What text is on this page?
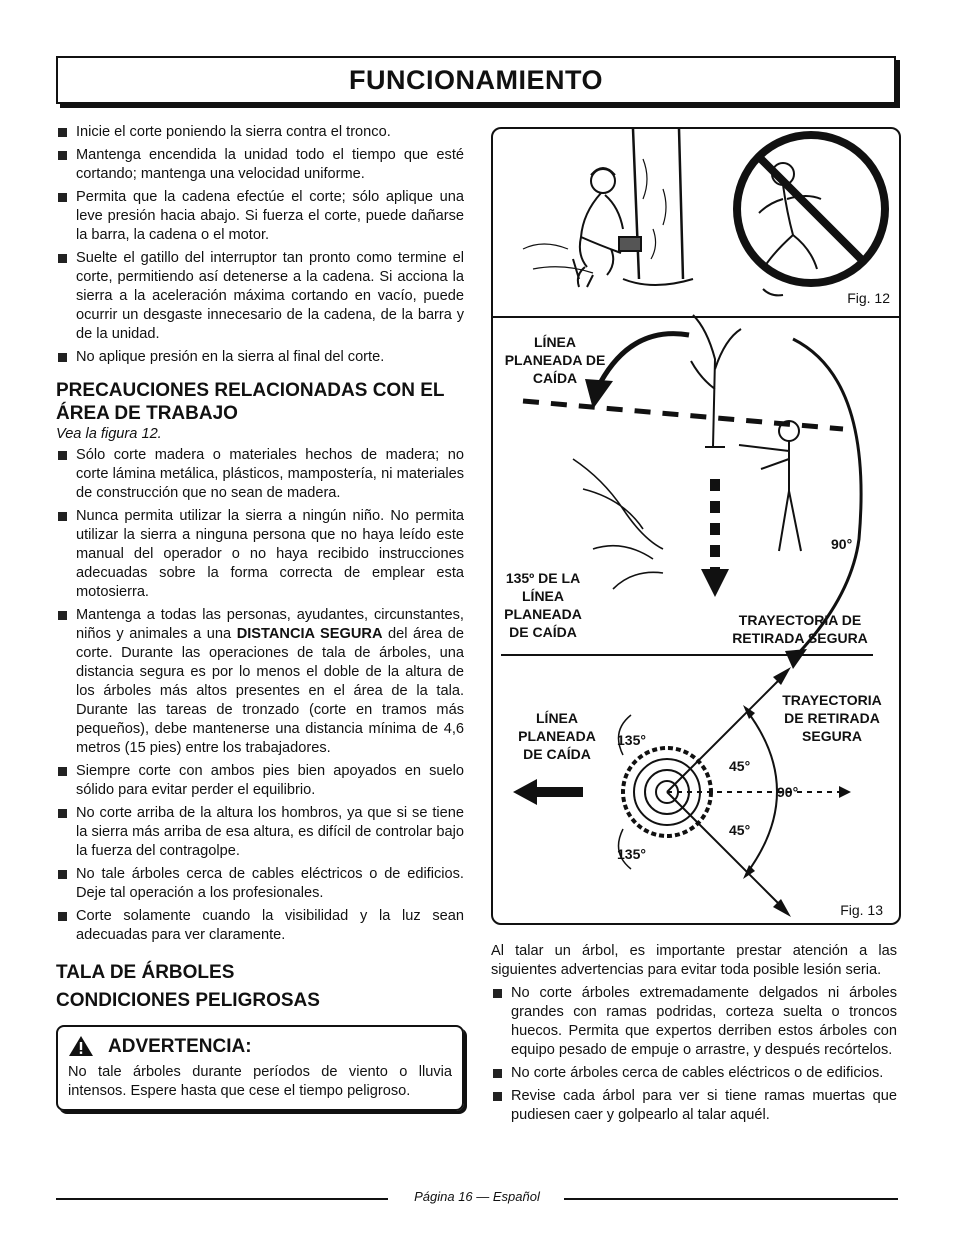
FUNCIONAMIENTO
Inicie el corte poniendo la sierra contra el tronco.
Mantenga encendida la unidad todo el tiempo que esté cortando; mantenga una velocidad uniforme.
Permita que la cadena efectúe el corte; sólo aplique una leve presión hacia abajo. Si fuerza el corte, puede dañarse la barra, la cadena o el motor.
Suelte el gatillo del interruptor tan pronto como termine el corte, permitiendo así detenerse a la cadena. Si acciona la sierra a la aceleración máxima cortando en vacío, puede ocurrir un desgaste innecesario de la cadena, de la barra y de la unidad.
No aplique presión en la sierra al final del corte.
PRECAUCIONES RELACIONADAS CON EL ÁREA DE TRABAJO
Vea la figura 12.
Sólo corte madera o materiales hechos de madera; no corte lámina metálica, plásticos, mampostería, ni materiales de construcción que no sean de madera.
Nunca permita utilizar la sierra a ningún niño. No permita utilizar la sierra a ninguna persona que no haya leído este manual del operador o no haya recibido instrucciones adecuadas sobre la forma correcta de emplear esta motosierra.
Mantenga a todas las personas, ayudantes, circunstantes, niños y animales a una DISTANCIA SEGURA del área de corte. Durante las operaciones de tala de árboles, una distancia segura es por lo menos el doble de la altura de los árboles más altos presentes en el área de la tala. Durante las tareas de tronzado (corte en tramos más pequeños), debe mantenerse una distancia mínima de 4,6 metros (15 pies) entre los trabajadores.
Siempre corte con ambos pies bien apoyados en suelo sólido para evitar perder el equilibrio.
No corte arriba de la altura los hombros, ya que si se tiene la sierra más arriba de esa altura, es difícil de controlar bajo la fuerza del contragolpe.
No tale árboles cerca de cables eléctricos o de edificios. Deje tal operación a los profesionales.
Corte solamente cuando la visibilidad y la luz sean adecuadas para ver claramente.
TALA DE ÁRBOLES
CONDICIONES PELIGROSAS
ADVERTENCIA:
No tale árboles durante períodos de viento o lluvia intensos. Espere hasta que cese el tiempo peligroso.
Fig. 12
Fig. 13
LÍNEA PLANEADA DE CAÍDA
135º DE LA LÍNEA PLANEADA DE CAÍDA
TRAYECTORIA DE RETIRADA SEGURA
90°
LÍNEA PLANEADA DE CAÍDA
TRAYECTORIA DE RETIRADA SEGURA
135°
135°
45°
45°
90°

Al talar un árbol, es importante prestar atención a las siguientes advertencias para evitar toda posible lesión seria.

No corte árboles extremadamente delgados ni árboles grandes con ramas podridas, corteza suelta o troncos huecos. Permita que expertos derriben estos árboles con equipo pesado de empuje o arrastre, y después recórtelos.
No corte árboles cerca de cables eléctricos o de edificios.
Revise cada árbol para ver si tiene ramas muertas que pudiesen caer y golpearlo al talar aquél.
Página 16 — Español
